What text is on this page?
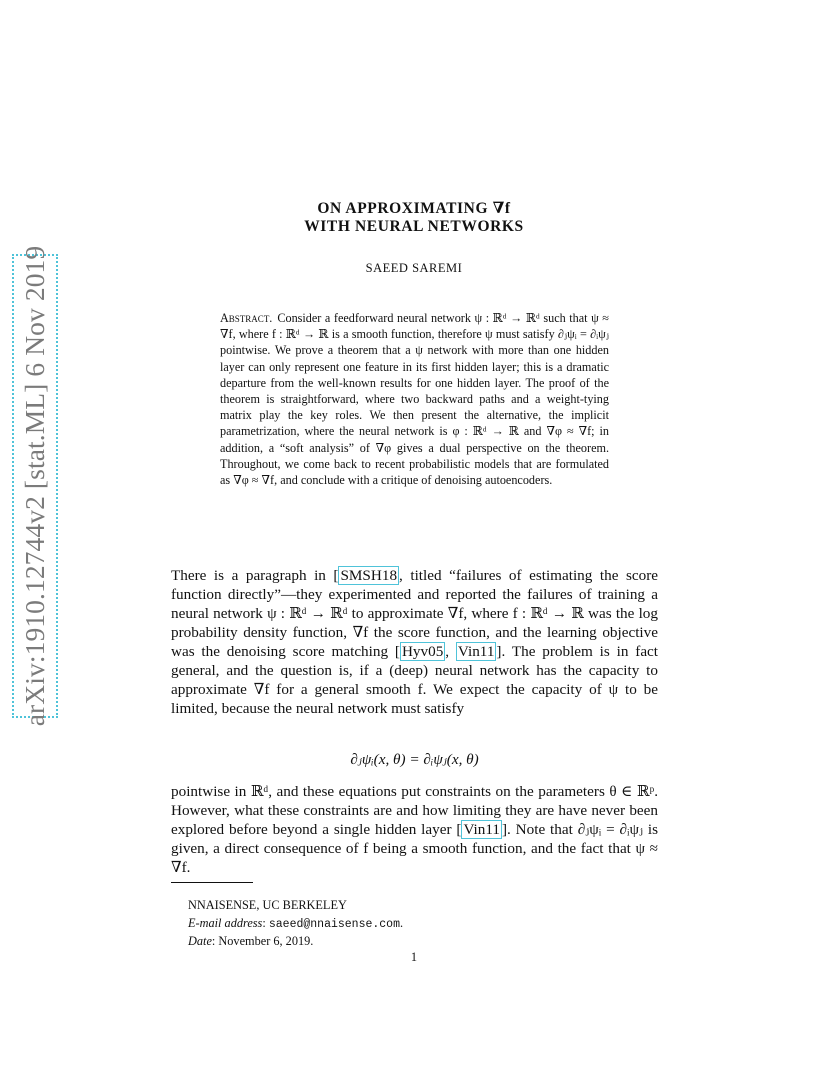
arXiv:1910.12744v2 [stat.ML] 6 Nov 2019
ON APPROXIMATING ∇f
WITH NEURAL NETWORKS
SAEED SAREMI
Abstract. Consider a feedforward neural network ψ : ℝᵈ → ℝᵈ such that ψ ≈ ∇f, where f : ℝᵈ → ℝ is a smooth function, therefore ψ must satisfy ∂ⱼψᵢ = ∂ᵢψⱼ pointwise. We prove a theorem that a ψ network with more than one hidden layer can only represent one feature in its first hidden layer; this is a dramatic departure from the well-known results for one hidden layer. The proof of the theorem is straightforward, where two backward paths and a weight-tying matrix play the key roles. We then present the alternative, the implicit parametrization, where the neural network is φ : ℝᵈ → ℝ and ∇φ ≈ ∇f; in addition, a “soft analysis” of ∇φ gives a dual perspective on the theorem. Throughout, we come back to recent probabilistic models that are formulated as ∇φ ≈ ∇f, and conclude with a critique of denoising autoencoders.

There is a paragraph in [ SMSH18 , titled “failures of estimating the score function directly”—they experimented and reported the failures of training a neural network ψ : ℝᵈ → ℝᵈ to approximate ∇f, where f : ℝᵈ → ℝ was the log probability density function, ∇f the score function, and the learning objective was the denoising score matching [ Hyv05 , Vin11 ]. The problem is in fact general, and the question is, if a (deep) neural network has the capacity to approximate ∇f for a general smooth f. We expect the capacity of ψ to be limited, because the neural network must satisfy

∂ⱼψᵢ(x, θ) = ∂ᵢψⱼ(x, θ)
pointwise in ℝᵈ, and these equations put constraints on the parameters θ ∈ ℝᵖ. However, what these constraints are and how limiting they are have never been explored before beyond a single hidden layer [ Vin11 ]. Note that ∂ⱼψᵢ = ∂ᵢψⱼ is given, a direct consequence of f being a smooth function, and the fact that ψ ≈ ∇f.
NNAISENSE, UC BERKELEY
E-mail address: saeed@nnaisense.com.
Date: November 6, 2019.
1
